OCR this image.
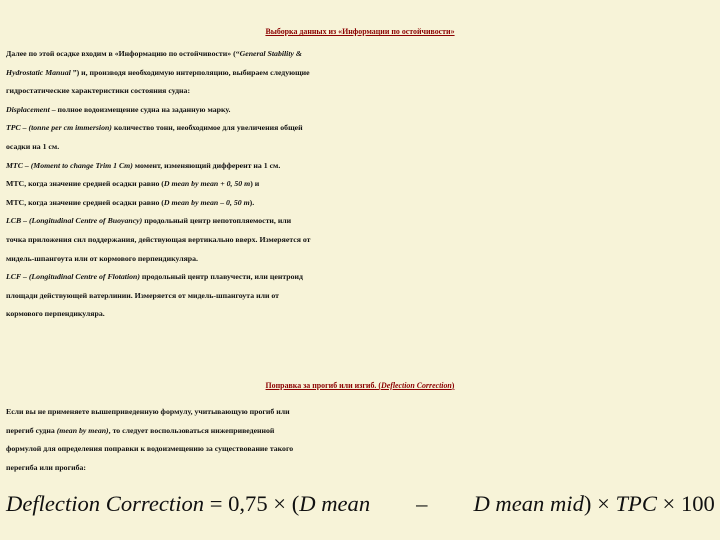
Выборка данных из «Информации по остойчивости»
Далее по этой осадке входим в «Информацию по остойчивости» (“General Stability &
Hydrostatic Manual ”) и, производя необходимую интерполяцию, выбираем следующие
гидростатические характеристики состояния судна:
Displacement – полное водоизмещение судна на заданную марку.
TPC – (tonne per cm immersion) количество тонн, необходимое для увеличения общей
осадки на 1 см.
MTC – (Moment to change Trim 1 Cm) момент, изменяющий дифферент на 1 см.
MTC, когда значение средней осадки равно (D mean by mean + 0, 50 m) и
MTC, когда значение средней осадки равно (D mean by mean – 0, 50 m).
LCB – (Longitudinal Centre of Buoyancy) продольный центр непотопляемости, или
точка приложения сил поддержания, действующая вертикально вверх. Измеряется от
мидель-шпангоута или от кормового перпендикуляра.
LCF – (Longitudinal Centre of Flotation) продольный центр плавучести, или центроид
площади действующей ватерлинии. Измеряется от мидель-шпангоута или от
кормового перпендикуляра.
Поправка за прогиб или изгиб. (Deflection Correction)
Если вы не применяете вышеприведенную формулу, учитывающую прогиб или
перегиб судна (mean by mean), то следует воспользоваться нижеприведенной
формулой для определения поправки к водоизмещению за существование такого
перегиба или прогиба:
Deflection Correction = 0,75 × (D mean – D mean mid) × TPC × 100
